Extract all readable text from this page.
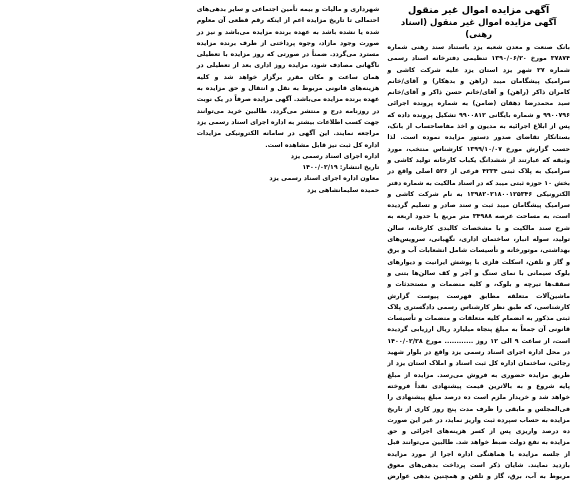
آگهی مزایده اموال غیر منقول
آگهی مزایده اموال غیر منقول (اسناد رهنی)

بانک صنعت و معدن شعبه یزد باستناد سند رهنی شماره ۳۷۸۷۴ مورخ ۱۳۹۰/۰۶/۲۰ تنظیمی دفترخانه اسناد رسمی شماره ۲۷ شهر یزد استان یزد علیه شرکت کاشی و سرامیک پیشگامان میبد (راهن و بدهکار) و آقای/خانم کامران ذاکر (راهن) و آقای/خانم حسن ذاکر و آقای/خانم سید محمدرضا دهقان (ضامن) به شماره پرونده اجرائی ۹۹۰۰۷۹۶ و شماره بایگانی ۹۹۰۰۸۱۲ تشکیل پرونده داده که پس از ابلاغ اجرائیه به مدیون و اخذ مفاصاحساب از بانک، بستانکار تقاضای صدور دستور مزایده نموده است. لذا حسب گزارش مورخ ۱۳۹۹/۱۰/۰۷ کارشناس منتخب، مورد وثیقه که عبارتند از ششدانگ یکباب کارخانه تولید کاشی و سرامیک به پلاک ثبتی ۴۲۳۴ فرعی از ۵۲۶ اصلی واقع در بخش ۱۰ حوزه ثبتی میبد که در اسناد مالکیت به شماره دفتر الکترونیکی ۱۳۹۸۲۰۲۱۸۰۰۱۲۵۳۴۶ به نام شرکت کاشی و سرامیک پیشگامان میبد ثبت و سند صادر و تسلیم گردیده است، به مساحت عرصه ۳۴۹۸۸ متر مربع با حدود اربعه به شرح سند مالکیت و با مشخصات کالبدی کارخانه، سالن تولید، سوله انبار، ساختمان اداری، نگهبانی، سرویس‌های بهداشتی، موتورخانه و تأسیسات شامل انشعابات آب و برق و گاز و تلفن، اسکلت فلزی با پوشش ایرانیت و دیوارهای بلوک سیمانی با نمای سنگ و آجر و کف سالن‌ها بتنی و سقف‌ها تیرچه و بلوک، و کلیه منضمات و مستحدثات و ماشین‌آلات متعلقه مطابق فهرست پیوست گزارش کارشناسی، که طبق نظر کارشناس رسمی دادگستری پلاک ثبتی مذکور به انضمام کلیه متعلقات و منضمات و تأسیسات قانونی آن جمعاً به مبلغ پنجاه میلیارد ریال ارزیابی گردیده است، از ساعت ۹ الی ۱۲ روز ............ مورخ ۱۴۰۰/۰۲/۲۸ در محل اداره اجرای اسناد رسمی یزد واقع در بلوار شهید رجائی، ساختمان اداره کل ثبت اسناد و املاک استان یزد از طریق مزایده حضوری به فروش می‌رسد. مزایده از مبلغ پایه شروع و به بالاترین قیمت پیشنهادی نقداً فروخته خواهد شد و خریدار ملزم است ده درصد مبلغ پیشنهادی را فی‌المجلس و مابقی را ظرف مدت پنج روز کاری از تاریخ مزایده به حساب سپرده ثبت واریز نماید، در غیر این صورت ده درصد واریزی پس از کسر هزینه‌های اجرائی و حق مزایده به نفع دولت ضبط خواهد شد. طالبین می‌توانند قبل از جلسه مزایده با هماهنگی اداره اجرا از مورد مزایده بازدید نمایند. شایان ذکر است پرداخت بدهی‌های معوق مربوط به آب، برق، گاز و تلفن و همچنین بدهی عوارض شهرداری و مالیات و بیمه تأمین اجتماعی و سایر بدهی‌های احتمالی تا تاریخ مزایده اعم از اینکه رقم قطعی آن معلوم شده یا نشده باشد به عهده برنده مزایده می‌باشد و نیز در صورت وجود مازاد، وجوه پرداختی از طرف برنده مزایده مسترد می‌گردد. ضمناً در صورتی که روز مزایده با تعطیلی ناگهانی مصادف شود، مزایده روز اداری بعد از تعطیلی در همان ساعت و مکان مقرر برگزار خواهد شد و کلیه هزینه‌های قانونی مربوط به نقل و انتقال و حق مزایده به عهده برنده مزایده می‌باشد. آگهی مزایده صرفاً در یک نوبت در روزنامه درج و منتشر می‌گردد. طالبین خرید می‌توانند جهت کسب اطلاعات بیشتر به اداره اجرای اسناد رسمی یزد مراجعه نمایند. این آگهی در سامانه الکترونیکی مزایدات اداره کل ثبت نیز قابل مشاهده است.

اداره اجرای اسناد رسمی یزد
تاریخ انتشار: ۱۴۰۰/۰۲/۱۹
معاون اداره اجرای اسناد رسمی یزد
حمیده سلیمانشاهی یزد
